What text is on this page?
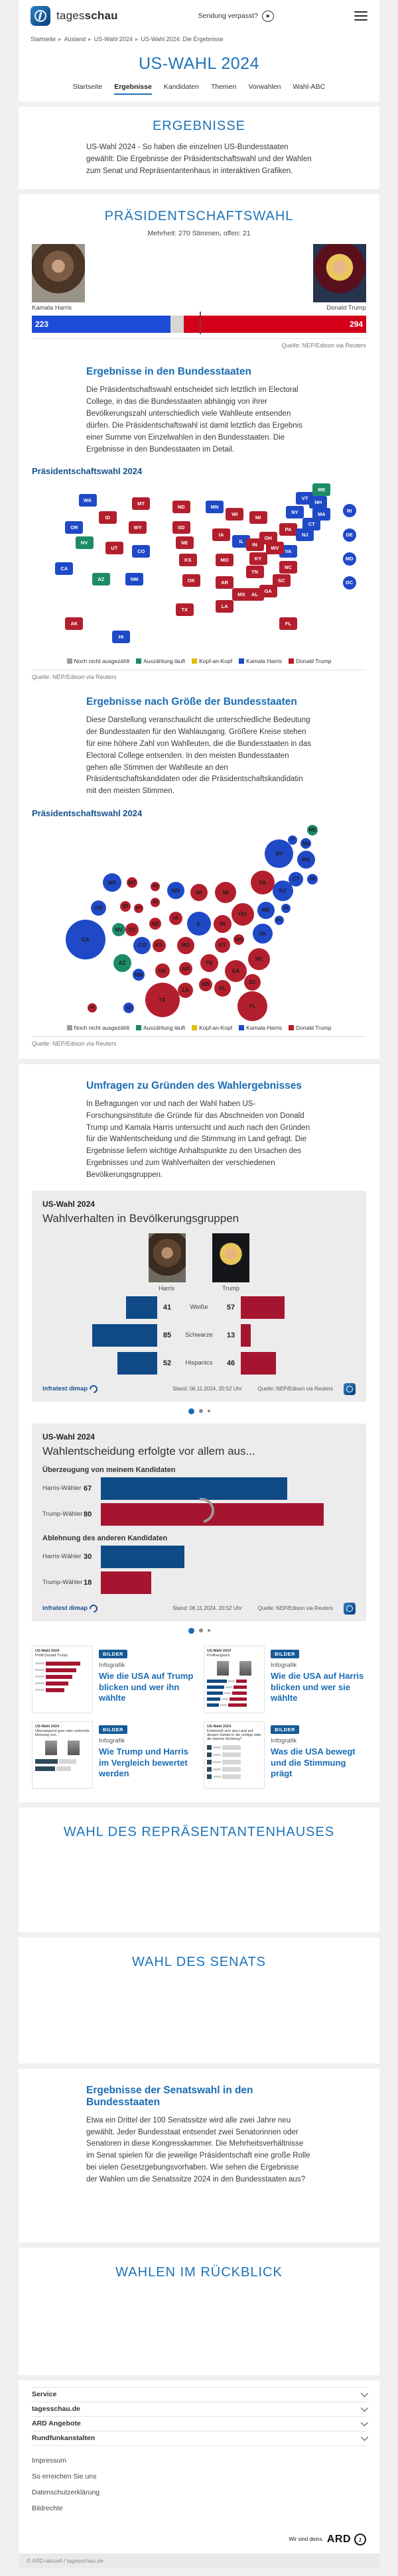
tagesschau	Sendung verpasst?	▶
Startseite ▸ Ausland ▸ US-Wahl 2024 ▸ US-Wahl 2024: Die Ergebnisse
US-WAHL 2024
Startseite Ergebnisse Kandidaten Themen Vorwahlen Wahl-ABC
ERGEBNISSE
US-Wahl 2024 - So haben die einzelnen US-Bundesstaaten gewählt: Die Ergebnisse der Präsidentschaftswahl und der Wahlen zum Senat und Repräsentantenhaus in interaktiven Grafiken.
PRÄSIDENTSCHAFTSWAHL
Mehrheit: 270 Stimmen, offen: 21
Kamala Harris	Donald Trump
223	294
Quelle: NEP/Edison via Reuters
Ergebnisse in den Bundesstaaten
Die Präsidentschaftswahl entscheidet sich letztlich im Electoral College, in das die Bundesstaaten abhängig von ihrer Bevölkerungszahl unterschiedlich viele Wahlleute entsenden dürfen. Die Präsidentschaftswahl ist damit letztlich das Ergebnis einer Summe von Einzelwahlen in den Bundesstaaten. Die Ergebnisse in den Bundesstaaten im Detail.
Präsidentschaftswahl 2024
WA
OR
CA
NV
ID
MT
WY
UT
AZ	NM
CO
ND
SD
NE
KS
OK
TX
MN
IA
MO
AR
LA
WI
IL
MI
IN
OH
KY
TN
MS	AL
GA
FL
SC
NC
VA
WV
PA
NY
VT
NH
ME
MA
CT
NJ
RI
DE
MD
DC
AK
HI
Noch nicht ausgezählt Auszählung läuft Kopf-an-Kopf Kamala Harris Donald Trump
Quelle: NEP/Edison via Reuters
Ergebnisse nach Größe der Bundesstaaten
Diese Darstellung veranschaulicht die unterschiedliche Bedeutung der Bundesstaaten für den Wahlausgang. Größere Kreise stehen für eine höhere Zahl von Wahlleuten, die die Bundesstaaten in das Electoral College entsenden. In den meisten Bundesstaaten gehen alle Stimmen der Wahlleute an den Präsidentschaftskandidaten oder die Präsidentschaftskandidatin mit den meisten Stimmen.
Präsidentschaftswahl 2024
WA
OR
CA
NV
ID
MT
WY
UT
AZ
NM
CO
ND
SD
NE
KS
OK
TX
MN
IA
MO
AR
LA
WI
IL
MI
IN
OH
KY
TN
MS
AL
GA
FL
SC
NC
VA
WV
PA
NY
VT
NH
ME
MA
CT
NJ
RI
DE
MD
DC
AK	HI
Noch nicht ausgezählt Auszählung läuft Kopf-an-Kopf Kamala Harris Donald Trump
Quelle: NEP/Edison via Reuters
Umfragen zu Gründen des Wahlergebnisses
In Befragungen vor und nach der Wahl haben US-Forschungsinstitute die Gründe für das Abschneiden von Donald Trump und Kamala Harris untersucht und auch nach den Gründen für die Wahlentscheidung und die Stimmung im Land gefragt. Die Ergebnisse liefern wichtige Anhaltspunkte zu den Ursachen des Ergebnisses und zum Wahlverhalten der verschiedenen Bevölkerungsgruppen.
US-Wahl 2024
Wahlverhalten in Bevölkerungsgruppen
Harris	Trump
41	Weiße	57
85	Schwarze	13
52	Hispanics	46
infratest dimap	Stand: 06.11.2024, 20:52 Uhr	Quelle: NEP/Edison via Reuters
US-Wahl 2024
Wahlentscheidung erfolgte vor allem aus...
Überzeugung von meinem Kandidaten
Harris-Wähler 67
Trump-Wähler 80
Ablehnung des anderen Kandidaten
Harris-Wähler 30
Trump-Wähler 18
infratest dimap	Stand: 06.11.2024, 20:52 Uhr	Quelle: NEP/Edison via Reuters
US-Wahl 2024
Profil Donald Trump	BILDER
Infografik
Wie die USA auf Trump blicken und wer ihn wählte
US-Wahl 2024
Profilvergleich	BILDER
Infografik
Wie die USA auf Harris blicken und wer sie wählte
US-Wahl 2024
Überwiegend gute oder schlechte Meinung von...
BILDER
Infografik
Wie Trump und Harris im Vergleich bewertet werden
US-Wahl 2024
Entwickelt sich das Land auf diesem Gebiet in die richtige oder die falsche Richtung?
BILDER
Infografik
Was die USA bewegt und die Stimmung prägt
WAHL DES REPRÄSENTANTENHAUSES
WAHL DES SENATS
Ergebnisse der Senatswahl in den Bundesstaaten
Etwa ein Drittel der 100 Senatssitze wird alle zwei Jahre neu gewählt. Jeder Bundesstaat entsendet zwei Senatorinnen oder Senatoren in diese Kongresskammer. Die Mehrheitsverhältnisse im Senat spielen für die jeweilige Präsidentschaft eine große Rolle bei vielen Gesetzgebungsvorhaben. Wie sehen die Ergebnisse der Wahlen um die Senatssitze 2024 in den Bundesstaaten aus?
WAHLEN IM RÜCKBLICK
Service
tagesschau.de
ARD Angebote
Rundfunkanstalten
Impressum
So erreichen Sie uns
Datenschutzerklärung
Bildrechte
Wir sind deins. ARD	1
© ARD-aktuell / tagesschau.de
